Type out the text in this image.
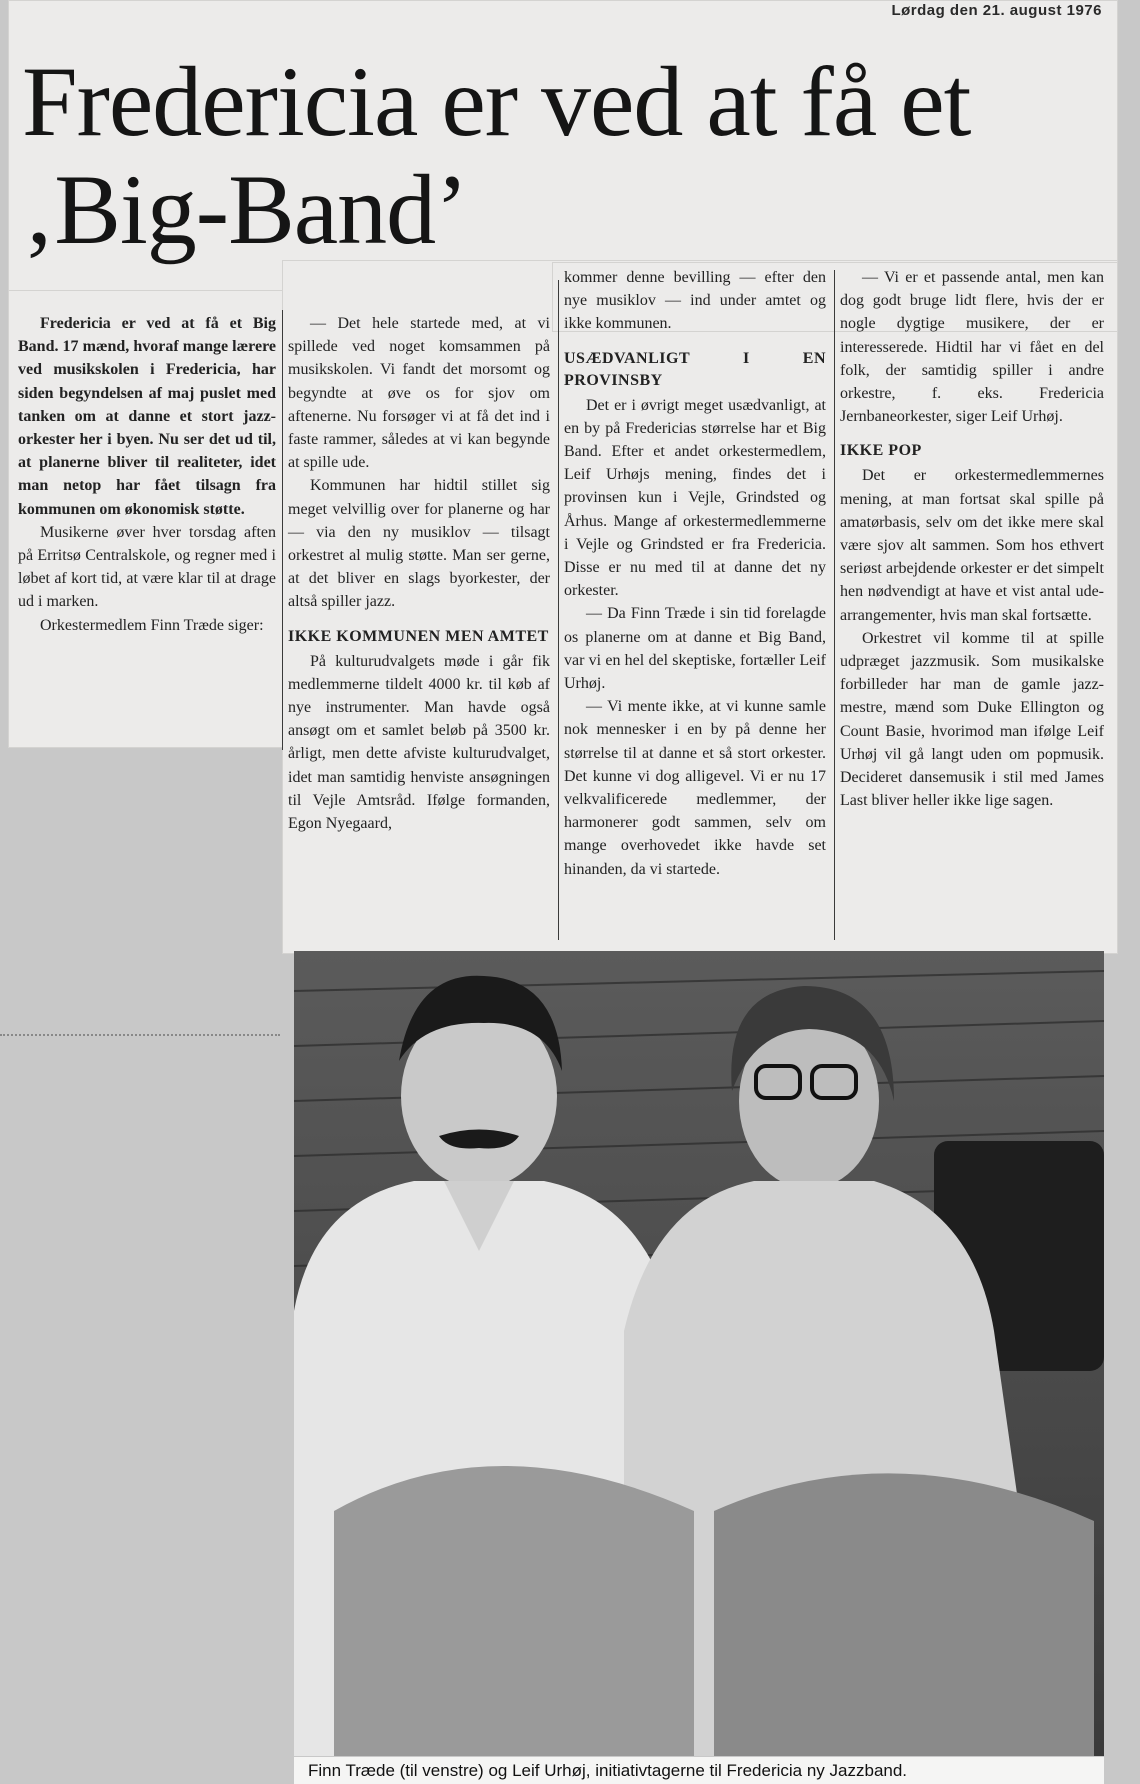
Lørdag den 21. august 1976
Fredericia er ved at få et ‚Big-Band’

Fredericia er ved at få et Big Band. 17 mænd, hvoraf mange lærere ved musikskolen i Fredericia, har siden begyndelsen af maj puslet med tanken om at danne et stort jazz-orkester her i byen. Nu ser det ud til, at planerne bliver til realiteter, idet man netop har fået tilsagn fra kommunen om økonomisk støtte.

Musikerne øver hver torsdag aften på Erritsø Centralskole, og regner med i løbet af kort tid, at være klar til at drage ud i marken.

Orkestermedlem Finn Træde siger:

— Det hele startede med, at vi spillede ved noget komsammen på musikskolen. Vi fandt det morsomt og begyndte at øve os for sjov om aftenerne. Nu forsøger vi at få det ind i faste rammer, således at vi kan begynde at spille ude.

Kommunen har hidtil stillet sig meget velvillig over for planerne og har — via den ny musiklov — tilsagt orkestret al mulig støtte. Man ser gerne, at det bliver en slags byorkester, der altså spiller jazz.

IKKE KOMMUNEN MEN AMTET

På kulturudvalgets møde i går fik medlemmerne tildelt 4000 kr. til køb af nye instrumenter. Man havde også ansøgt om et samlet beløb på 3500 kr. årligt, men dette afviste kulturudvalget, idet man samtidig henviste ansøgningen til Vejle Amtsråd. Ifølge formanden, Egon Nyegaard,

kommer denne bevilling — efter den nye musiklov — ind under amtet og ikke kommunen.

USÆDVANLIGT I EN PROVINSBY

Det er i øvrigt meget usædvanligt, at en by på Fredericias størrelse har et Big Band. Efter et andet orkestermedlem, Leif Urhøjs mening, findes det i provinsen kun i Vejle, Grindsted og Århus. Mange af orkestermedlemmerne i Vejle og Grindsted er fra Fredericia. Disse er nu med til at danne det ny orkester.

— Da Finn Træde i sin tid forelagde os planerne om at danne et Big Band, var vi en hel del skeptiske, fortæller Leif Urhøj.

— Vi mente ikke, at vi kunne samle nok mennesker i en by på denne her størrelse til at danne et så stort orkester. Det kunne vi dog alligevel. Vi er nu 17 velkvalificerede medlemmer, der harmonerer godt sammen, selv om mange overhovedet ikke havde set hinanden, da vi startede.

— Vi er et passende antal, men kan dog godt bruge lidt flere, hvis der er nogle dygtige musikere, der er interesserede. Hidtil har vi fået en del folk, der samtidig spiller i andre orkestre, f. eks. Fredericia Jernbaneorkester, siger Leif Urhøj.

IKKE POP

Det er orkestermedlemmernes mening, at man fortsat skal spille på amatørbasis, selv om det ikke mere skal være sjov alt sammen. Som hos ethvert seriøst arbejdende orkester er det simpelt hen nødvendigt at have et vist antal ude-arrangementer, hvis man skal fortsætte.

Orkestret vil komme til at spille udpræget jazzmusik. Som musikalske forbilleder har man de gamle jazz-mestre, mænd som Duke Ellington og Count Basie, hvorimod man ifølge Leif Urhøj vil gå langt uden om popmusik. Decideret dansemusik i stil med James Last bliver heller ikke lige sagen.

Finn Træde (til venstre) og Leif Urhøj, initiativtagerne til Fredericia ny Jazzband.
